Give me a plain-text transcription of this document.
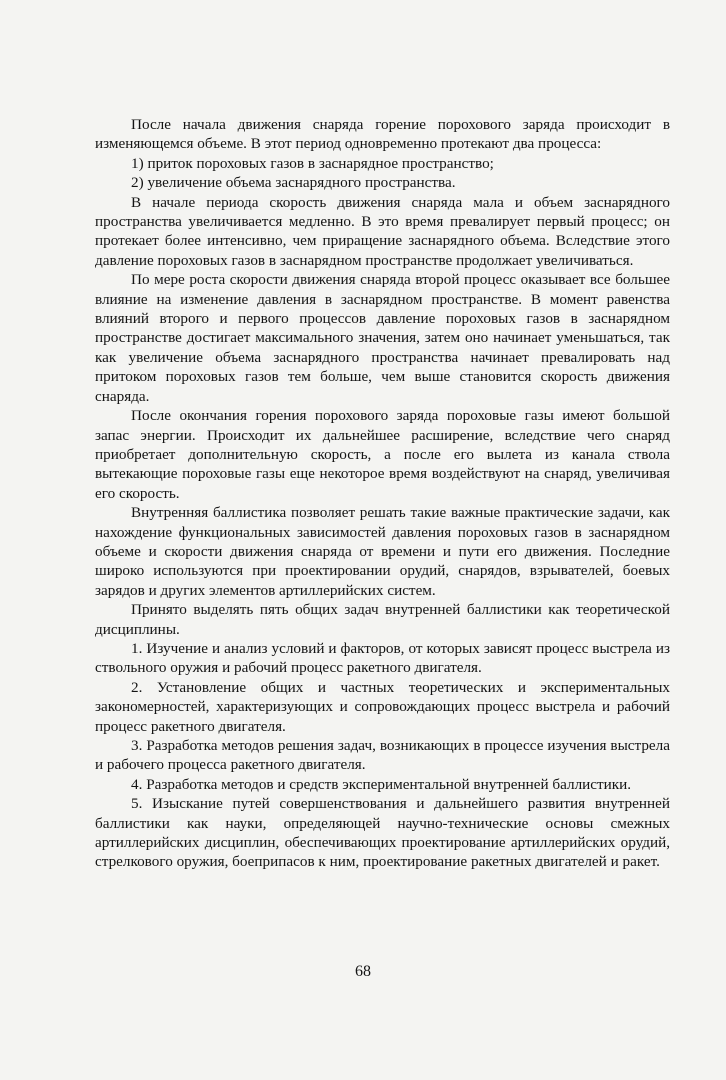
После начала движения снаряда горение порохового заряда происходит в изменяющемся объеме. В этот период одновременно протекают два процесса:

1) приток пороховых газов в заснарядное пространство;

2) увеличение объема заснарядного пространства.

В начале периода скорость движения снаряда мала и объем заснарядного пространства увеличивается медленно. В это время превалирует первый процесс; он протекает более интенсивно, чем приращение заснарядного объема. Вследствие этого давление пороховых газов в заснарядном пространстве продолжает увеличиваться.

По мере роста скорости движения снаряда второй процесс оказывает все большее влияние на изменение давления в заснарядном пространстве. В момент равенства влияний второго и первого процессов давление пороховых газов в заснарядном пространстве достигает максимального значения, затем оно начинает уменьшаться, так как увеличение объема заснарядного пространства начинает превалировать над притоком пороховых газов тем больше, чем выше становится скорость движения снаряда.

После окончания горения порохового заряда пороховые газы имеют большой запас энергии. Происходит их дальнейшее расширение, вследствие чего снаряд приобретает дополнительную скорость, а после его вылета из канала ствола вытекающие пороховые газы еще некоторое время воздействуют на снаряд, увеличивая его скорость.

Внутренняя баллистика позволяет решать такие важные практические задачи, как нахождение функциональных зависимостей давления пороховых газов в заснарядном объеме и скорости движения снаряда от времени и пути его движения. Последние широко используются при проектировании орудий, снарядов, взрывателей, боевых зарядов и других элементов артиллерийских систем.

Принято выделять пять общих задач внутренней баллистики как теоретической дисциплины.

1. Изучение и анализ условий и факторов, от которых зависят процесс выстрела из ствольного оружия и рабочий процесс ракетного двигателя.

2. Установление общих и частных теоретических и экспериментальных закономерностей, характеризующих и сопровождающих процесс выстрела и рабочий процесс ракетного двигателя.

3. Разработка методов решения задач, возникающих в процессе изучения выстрела и рабочего процесса ракетного двигателя.

4. Разработка методов и средств экспериментальной внутренней баллистики.

5. Изыскание путей совершенствования и дальнейшего развития внутренней баллистики как науки, определяющей научно-технические основы смежных артиллерийских дисциплин, обеспечивающих проектирование артиллерийских орудий, стрелкового оружия, боеприпасов к ним, проектирование ракетных двигателей и ракет.

68
